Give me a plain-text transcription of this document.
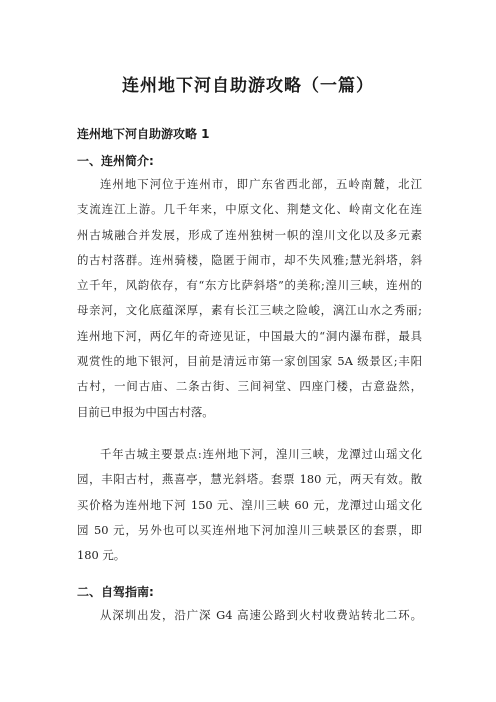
连州地下河自助游攻略（一篇）
连州地下河自助游攻略 1
一、连州简介:
连州地下河位于连州市，即广东省西北部，五岭南麓，北江
支流连江上游。几千年来，中原文化、荆楚文化、岭南文化在连
州古城融合并发展，形成了连州独树一帜的湟川文化以及多元素
的古村落群。连州骑楼，隐匿于闹市，却不失风雅;慧光斜塔，斜
立千年，风韵依存，有“东方比萨斜塔”的美称;湟川三峡，连州的
母亲河，文化底蕴深厚，素有长江三峡之险峻，漓江山水之秀丽;
连州地下河，两亿年的奇迹见证，中国最大的“洞内瀑布群，最具
观赏性的地下银河，目前是清远市第一家创国家 5A 级景区;丰阳
古村，一间古庙、二条古街、三间祠堂、四座门楼，古意盎然，
目前已申报为中国古村落。
千年古城主要景点:连州地下河，湟川三峡，龙潭过山瑶文化
园，丰阳古村，燕喜亭，慧光斜塔。套票 180 元，两天有效。散
买价格为连州地下河 150 元、湟川三峡 60 元，龙潭过山瑶文化
园 50 元，另外也可以买连州地下河加湟川三峡景区的套票，即
180 元。
二、自驾指南:
从深圳出发，沿广深 G4 高速公路到火村收费站转北二环。
